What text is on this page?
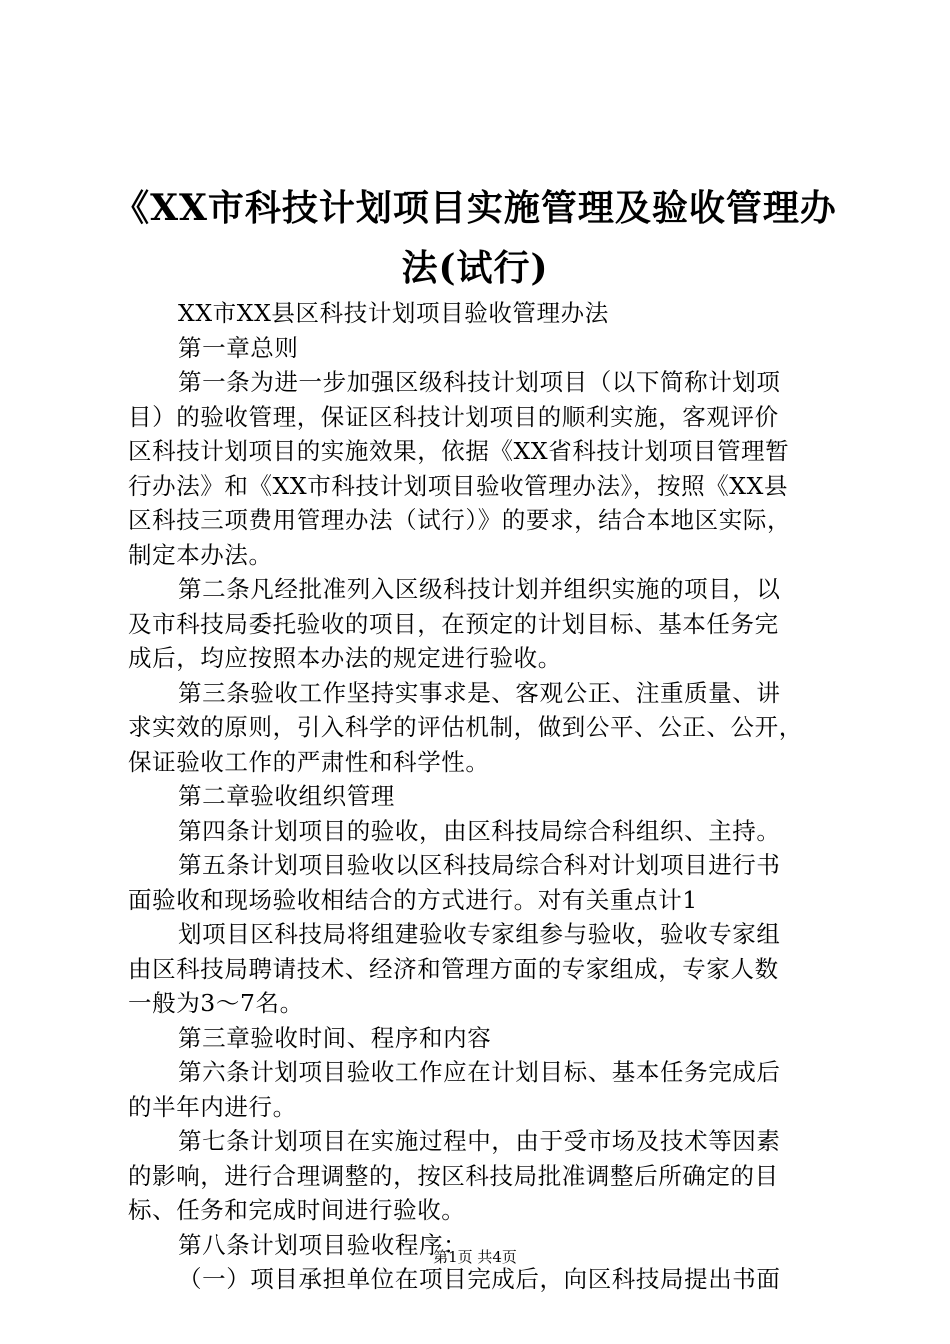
《XX市科技计划项目实施管理及验收管理办
法(试行)
XX市XX县区科技计划项目验收管理办法
第一章总则
第一条为进一步加强区级科技计划项目（以下简称计划项
目）的验收管理，保证区科技计划项目的顺利实施，客观评价
区科技计划项目的实施效果，依据《XX省科技计划项目管理暂
行办法》和《XX市科技计划项目验收管理办法》，按照《XX县
区科技三项费用管理办法（试行）》的要求，结合本地区实际，
制定本办法。
第二条凡经批准列入区级科技计划并组织实施的项目，以
及市科技局委托验收的项目，在预定的计划目标、基本任务完
成后，均应按照本办法的规定进行验收。
第三条验收工作坚持实事求是、客观公正、注重质量、讲
求实效的原则，引入科学的评估机制，做到公平、公正、公开，
保证验收工作的严肃性和科学性。
第二章验收组织管理
第四条计划项目的验收，由区科技局综合科组织、主持。
第五条计划项目验收以区科技局综合科对计划项目进行书
面验收和现场验收相结合的方式进行。对有关重点计1
划项目区科技局将组建验收专家组参与验收，验收专家组
由区科技局聘请技术、经济和管理方面的专家组成，专家人数
一般为3～7名。
第三章验收时间、程序和内容
第六条计划项目验收工作应在计划目标、基本任务完成后
的半年内进行。
第七条计划项目在实施过程中，由于受市场及技术等因素
的影响，进行合理调整的，按区科技局批准调整后所确定的目
标、任务和完成时间进行验收。
第八条计划项目验收程序：
（一）项目承担单位在项目完成后，向区科技局提出书面
第1页 共4页
